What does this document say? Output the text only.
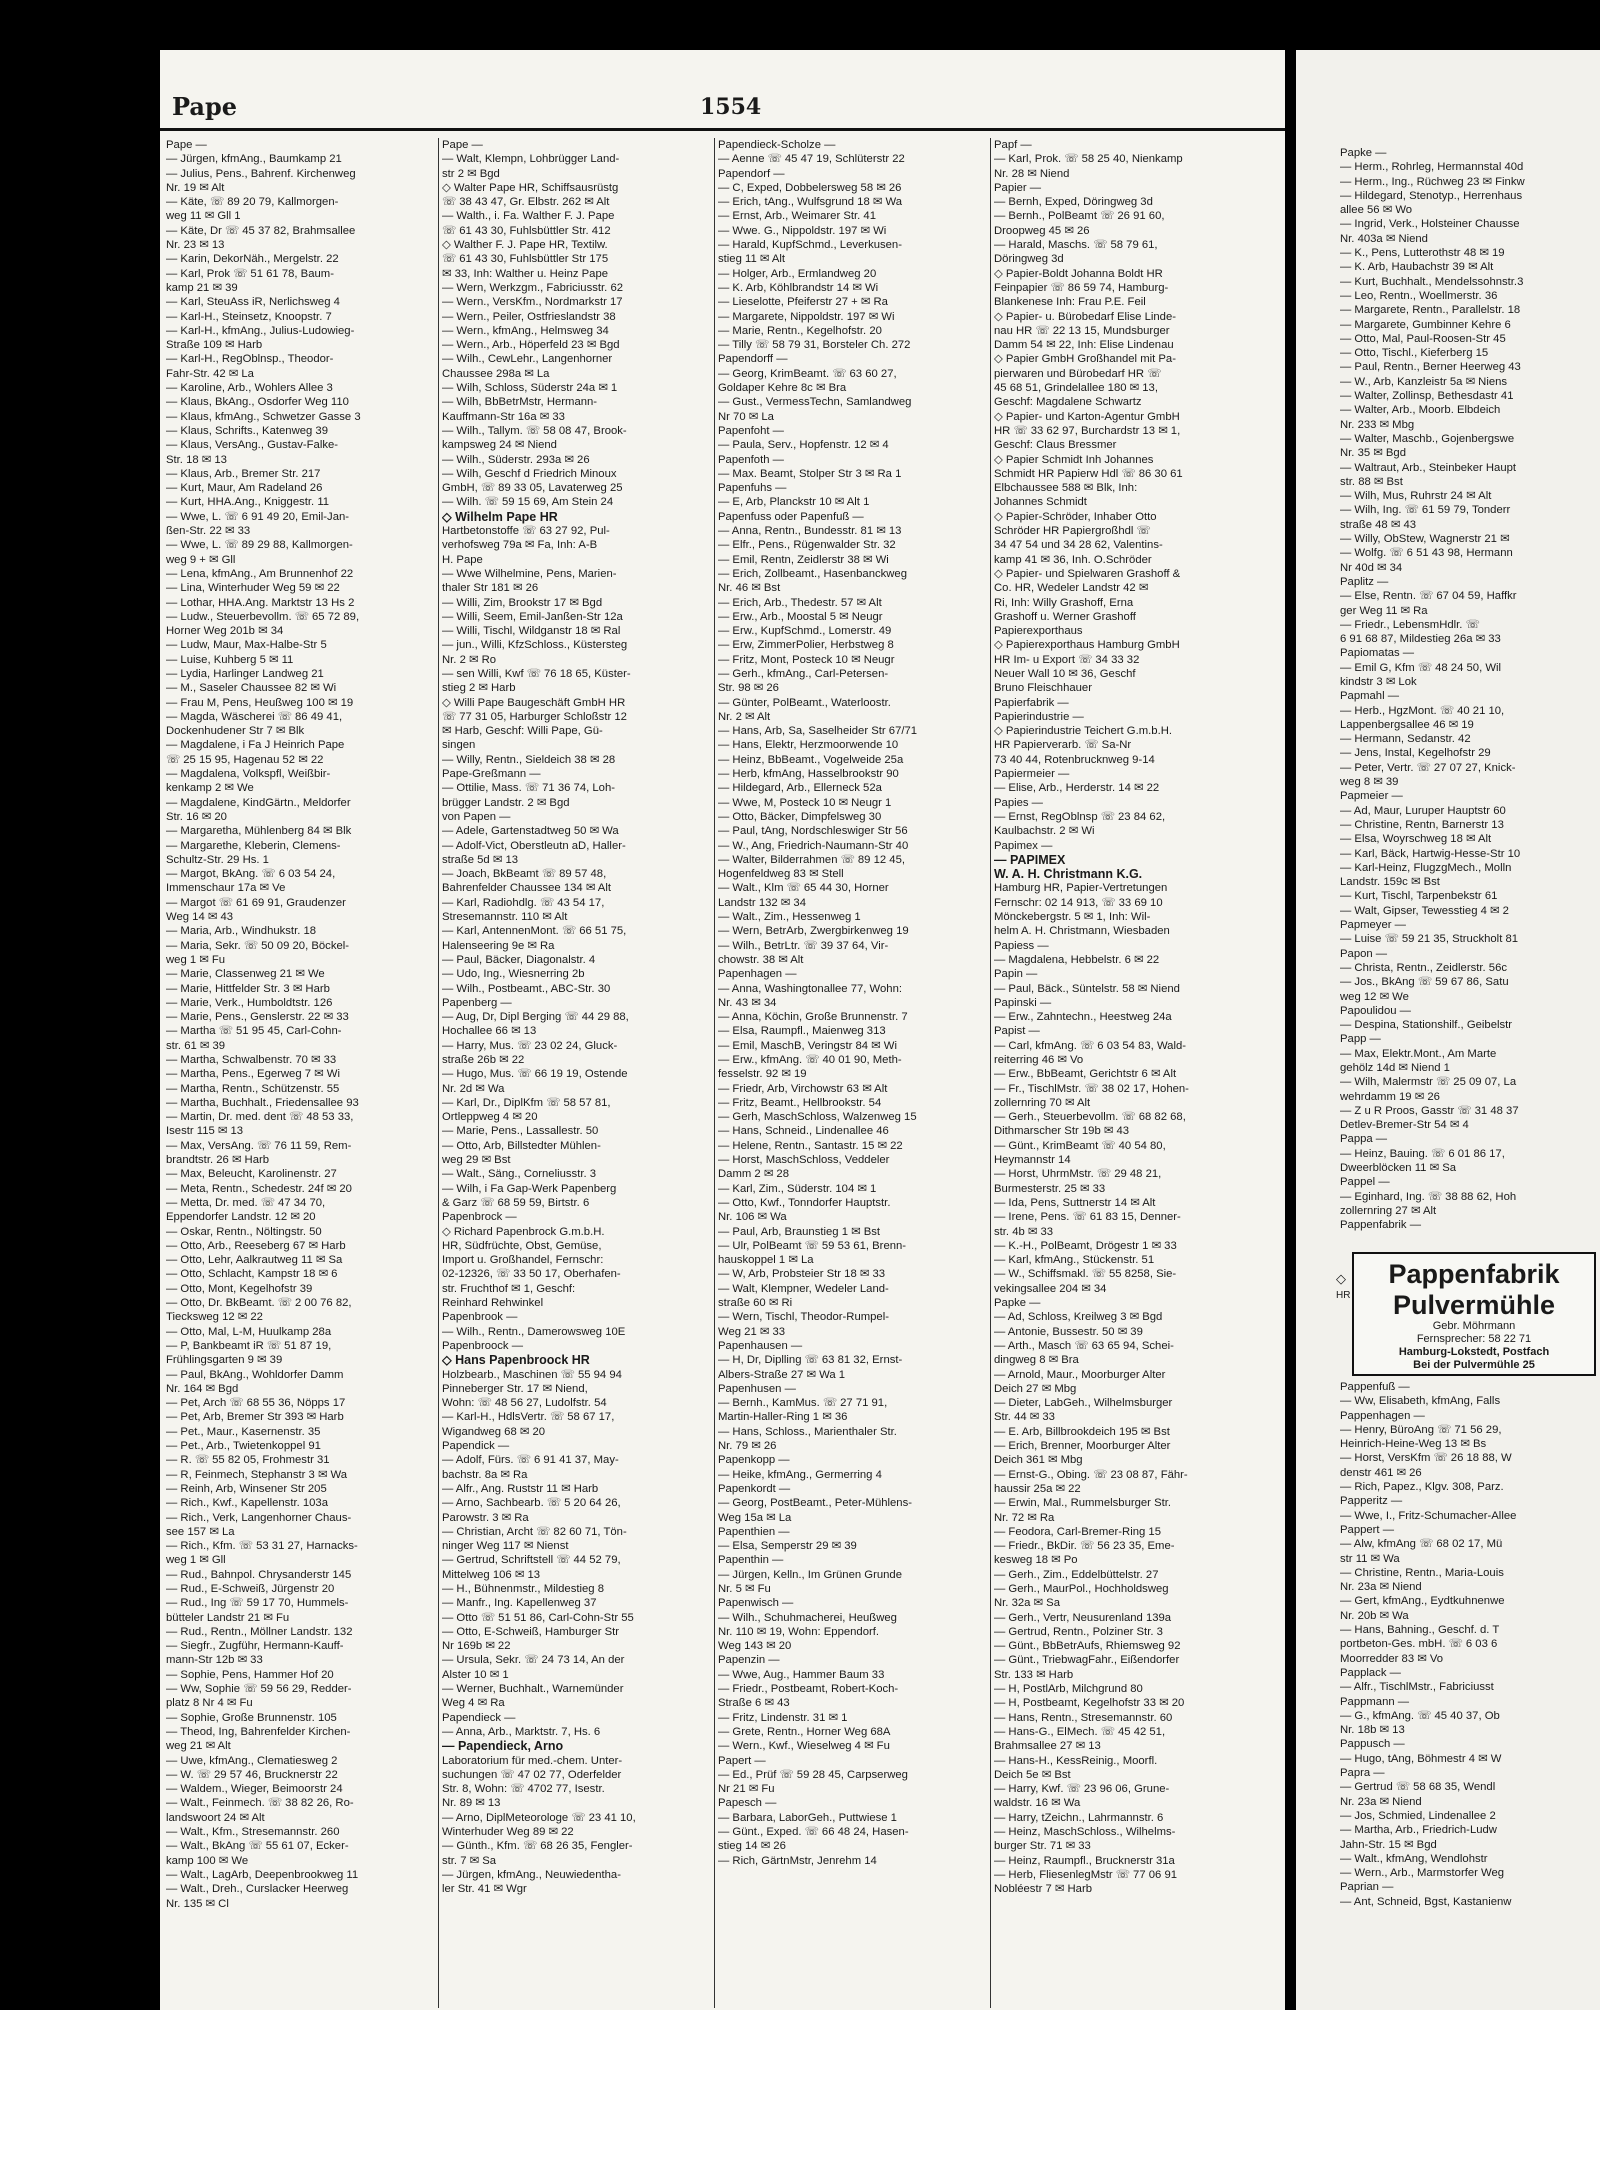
Pape	1554
Pape —
— Jürgen, kfmAng., Baumkamp 21
— Julius, Pens., Bahrenf. Kirchenweg
Nr. 19 ✉ Alt
— Käte, ☏ 89 20 79, Kallmorgen-
weg 11 ✉ Gll 1
— Käte, Dr ☏ 45 37 82, Brahmsallee
Nr. 23 ✉ 13
— Karin, DekorNäh., Mergelstr. 22
— Karl, Prok ☏ 51 61 78, Baum-
kamp 21 ✉ 39
— Karl, SteuAss iR, Nerlichsweg 4
— Karl-H., Steinsetz, Knoopstr. 7
— Karl-H., kfmAng., Julius-Ludowieg-
Straße 109 ✉ Harb
— Karl-H., RegOblnsp., Theodor-
Fahr-Str. 42 ✉ La
— Karoline, Arb., Wohlers Allee 3
— Klaus, BkAng., Osdorfer Weg 110
— Klaus, kfmAng., Schwetzer Gasse 3
— Klaus, Schrifts., Katenweg 39
— Klaus, VersAng., Gustav-Falke-
Str. 18 ✉ 13
— Klaus, Arb., Bremer Str. 217
— Kurt, Maur, Am Radeland 26
— Kurt, HHA.Ang., Kniggestr. 11
— Wwe, L. ☏ 6 91 49 20, Emil-Jan-
ßen-Str. 22 ✉ 33
— Wwe, L. ☏ 89 29 88, Kallmorgen-
weg 9 + ✉ Gll
— Lena, kfmAng., Am Brunnenhof 22
— Lina, Winterhuder Weg 59 ✉ 22
— Lothar, HHA.Ang. Marktstr 13 Hs 2
— Ludw., Steuerbevollm. ☏ 65 72 89,
Horner Weg 201b ✉ 34
— Ludw, Maur, Max-Halbe-Str 5
— Luise, Kuhberg 5 ✉ 11
— Lydia, Harlinger Landweg 21
— M., Saseler Chaussee 82 ✉ Wi
— Frau M, Pens, Heußweg 100 ✉ 19
— Magda, Wäscherei ☏ 86 49 41,
Dockenhudener Str 7 ✉ Blk
— Magdalene, i Fa J Heinrich Pape
☏ 25 15 95, Hagenau 52 ✉ 22
— Magdalena, Volkspfl, Weißbir-
kenkamp 2 ✉ We
— Magdalene, KindGärtn., Meldorfer
Str. 16 ✉ 20
— Margaretha, Mühlenberg 84 ✉ Blk
— Margarethe, Kleberin, Clemens-
Schultz-Str. 29 Hs. 1
— Margot, BkAng. ☏ 6 03 54 24,
Immenschaur 17a ✉ Ve
— Margot ☏ 61 69 91, Graudenzer
Weg 14 ✉ 43
— Maria, Arb., Windhukstr. 18
— Maria, Sekr. ☏ 50 09 20, Böckel-
weg 1 ✉ Fu
— Marie, Classenweg 21 ✉ We
— Marie, Hittfelder Str. 3 ✉ Harb
— Marie, Verk., Humboldtstr. 126
— Marie, Pens., Genslerstr. 22 ✉ 33
— Martha ☏ 51 95 45, Carl-Cohn-
str. 61 ✉ 39
— Martha, Schwalbenstr. 70 ✉ 33
— Martha, Pens., Egerweg 7 ✉ Wi
— Martha, Rentn., Schützenstr. 55
— Martha, Buchhalt., Friedensallee 93
— Martin, Dr. med. dent ☏ 48 53 33,
Isestr 115 ✉ 13
— Max, VersAng. ☏ 76 11 59, Rem-
brandtstr. 26 ✉ Harb
— Max, Beleucht, Karolinenstr. 27
— Meta, Rentn., Schedestr. 24f ✉ 20
— Metta, Dr. med. ☏ 47 34 70,
Eppendorfer Landstr. 12 ✉ 20
— Oskar, Rentn., Nöltingstr. 50
— Otto, Arb., Reeseberg 67 ✉ Harb
— Otto, Lehr, Aalkrautweg 11 ✉ Sa
— Otto, Schlacht, Kampstr 18 ✉ 6
— Otto, Mont, Kegelhofstr 39
— Otto, Dr. BkBeamt. ☏ 2 00 76 82,
Tiecksweg 12 ✉ 22
— Otto, Mal, L-M, Huulkamp 28a
— P, Bankbeamt iR ☏ 51 87 19,
Frühlingsgarten 9 ✉ 39
— Paul, BkAng., Wohldorfer Damm
Nr. 164 ✉ Bgd
— Pet, Arch ☏ 68 55 36, Nöpps 17
— Pet, Arb, Bremer Str 393 ✉ Harb
— Pet., Maur., Kasernenstr. 35
— Pet., Arb., Twietenkoppel 91
— R. ☏ 55 82 05, Frohmestr 31
— R, Feinmech, Stephanstr 3 ✉ Wa
— Reinh, Arb, Winsener Str 205
— Rich., Kwf., Kapellenstr. 103a
— Rich., Verk, Langenhorner Chaus-
see 157 ✉ La
— Rich., Kfm. ☏ 53 31 27, Harnacks-
weg 1 ✉ Gll
— Rud., Bahnpol. Chrysanderstr 145
— Rud., E-Schweiß, Jürgenstr 20
— Rud., Ing ☏ 59 17 70, Hummels-
bütteler Landstr 21 ✉ Fu
— Rud., Rentn., Möllner Landstr. 132
— Siegfr., Zugführ, Hermann-Kauff-
mann-Str 12b ✉ 33
— Sophie, Pens, Hammer Hof 20
— Ww, Sophie ☏ 59 56 29, Redder-
platz 8 Nr 4 ✉ Fu
— Sophie, Große Brunnenstr. 105
— Theod, Ing, Bahrenfelder Kirchen-
weg 21 ✉ Alt
— Uwe, kfmAng., Clematiesweg 2
— W. ☏ 29 57 46, Brucknerstr 22
— Waldem., Wieger, Beimoorstr 24
— Walt., Feinmech. ☏ 38 82 26, Ro-
landswoort 24 ✉ Alt
— Walt., Kfm., Stresemannstr. 260
— Walt., BkAng ☏ 55 61 07, Ecker-
kamp 100 ✉ We
— Walt., LagArb, Deepenbrookweg 11
— Walt., Dreh., Curslacker Heerweg
Nr. 135 ✉ Cl
Pape —
— Walt, Klempn, Lohbrügger Land-
str 2 ✉ Bgd
◇ Walter Pape HR, Schiffsausrüstg
☏ 38 43 47, Gr. Elbstr. 262 ✉ Alt
— Walth., i. Fa. Walther F. J. Pape
☏ 61 43 30, Fuhlsbüttler Str. 412
◇ Walther F. J. Pape HR, Textilw.
☏ 61 43 30, Fuhlsbüttler Str 175
✉ 33, Inh: Walther u. Heinz Pape
— Wern, Werkzgm., Fabriciusstr. 62
— Wern., VersKfm., Nordmarkstr 17
— Wern., Peiler, Ostfrieslandstr 38
— Wern., kfmAng., Helmsweg 34
— Wern., Arb., Höperfeld 23 ✉ Bgd
— Wilh., CewLehr., Langenhorner
Chaussee 298a ✉ La
— Wilh, Schloss, Süderstr 24a ✉ 1
— Wilh, BbBetrMstr, Hermann-
Kauffmann-Str 16a ✉ 33
— Wilh., Tallym. ☏ 58 08 47, Brook-
kampsweg 24 ✉ Niend
— Wilh., Süderstr. 293a ✉ 26
— Wilh, Geschf d Friedrich Minoux
GmbH, ☏ 89 33 05, Lavaterweg 25
— Wilh. ☏ 59 15 69, Am Stein 24
◇ Wilhelm Pape HR
Hartbetonstoffe ☏ 63 27 92, Pul-
verhofsweg 79a ✉ Fa, Inh: A-B
H. Pape
— Wwe Wilhelmine, Pens, Marien-
thaler Str 181 ✉ 26
— Willi, Zim, Brookstr 17 ✉ Bgd
— Willi, Seem, Emil-Janßen-Str 12a
— Willi, Tischl, Wildganstr 18 ✉ Ral
— jun., Willi, KfzSchloss., Küstersteg
Nr. 2 ✉ Ro
— sen Willi, Kwf ☏ 76 18 65, Küster-
stieg 2 ✉ Harb
◇ Willi Pape Baugeschäft GmbH HR
☏ 77 31 05, Harburger Schloßstr 12
✉ Harb, Geschf: Willi Pape, Gü-
singen
— Willy, Rentn., Sieldeich 38 ✉ 28
Pape-Greßmann —
— Ottilie, Mass. ☏ 71 36 74, Loh-
brügger Landstr. 2 ✉ Bgd
von Papen —
— Adele, Gartenstadtweg 50 ✉ Wa
— Adolf-Vict, Oberstleutn aD, Haller-
straße 5d ✉ 13
— Joach, BkBeamt ☏ 89 57 48,
Bahrenfelder Chaussee 134 ✉ Alt
— Karl, Radiohdlg. ☏ 43 54 17,
Stresemannstr. 110 ✉ Alt
— Karl, AntennenMont. ☏ 66 51 75,
Halenseering 9e ✉ Ra
— Paul, Bäcker, Diagonalstr. 4
— Udo, Ing., Wiesnerring 2b
— Wilh., Postbeamt., ABC-Str. 30
Papenberg —
— Aug, Dr, Dipl Berging ☏ 44 29 88,
Hochallee 66 ✉ 13
— Harry, Mus. ☏ 23 02 24, Gluck-
straße 26b ✉ 22
— Hugo, Mus. ☏ 66 19 19, Ostende
Nr. 2d ✉ Wa
— Karl, Dr., DiplKfm ☏ 58 57 81,
Ortleppweg 4 ✉ 20
— Marie, Pens., Lassallestr. 50
— Otto, Arb, Billstedter Mühlen-
weg 29 ✉ Bst
— Walt., Säng., Corneliusstr. 3
— Wilh, i Fa Gap-Werk Papenberg
& Garz ☏ 68 59 59, Birtstr. 6
Papenbrock —
◇ Richard Papenbrock G.m.b.H.
HR, Südfrüchte, Obst, Gemüse,
Import u. Großhandel, Fernschr:
02-12326, ☏ 33 50 17, Oberhafen-
str. Fruchthof ✉ 1, Geschf:
Reinhard Rehwinkel
Papenbrook —
— Wilh., Rentn., Damerowsweg 10E
Papenbroock —
◇ Hans Papenbroock HR
Holzbearb., Maschinen ☏ 55 94 94
Pinneberger Str. 17 ✉ Niend,
Wohn: ☏ 48 56 27, Ludolfstr. 54
— Karl-H., HdlsVertr. ☏ 58 67 17,
Wigandweg 68 ✉ 20
Papendick —
— Adolf, Fürs. ☏ 6 91 41 37, May-
bachstr. 8a ✉ Ra
— Alfr., Ang. Ruststr 11 ✉ Harb
— Arno, Sachbearb. ☏ 5 20 64 26,
Parowstr. 3 ✉ Ra
— Christian, Archt ☏ 82 60 71, Tön-
ninger Weg 117 ✉ Nienst
— Gertrud, Schriftstell ☏ 44 52 79,
Mittelweg 106 ✉ 13
— H., Bühnenmstr., Mildestieg 8
— Manfr., Ing. Kapellenweg 37
— Otto ☏ 51 51 86, Carl-Cohn-Str 55
— Otto, E-Schweiß, Hamburger Str
Nr 169b ✉ 22
— Ursula, Sekr. ☏ 24 73 14, An der
Alster 10 ✉ 1
— Werner, Buchhalt., Warnemünder
Weg 4 ✉ Ra
Papendieck —
— Anna, Arb., Marktstr. 7, Hs. 6
— Papendieck, Arno
Laboratorium für med.-chem. Unter-
suchungen ☏ 47 02 77, Oderfelder
Str. 8, Wohn: ☏ 4702 77, Isestr.
Nr. 89 ✉ 13
— Arno, DiplMeteorologe ☏ 23 41 10,
Winterhuder Weg 89 ✉ 22
— Günth., Kfm. ☏ 68 26 35, Fengler-
str. 7 ✉ Sa
— Jürgen, kfmAng., Neuwiedentha-
ler Str. 41 ✉ Wgr
Papendieck-Scholze —
— Aenne ☏ 45 47 19, Schlüterstr 22
Papendorf —
— C, Exped, Dobbelersweg 58 ✉ 26
— Erich, tAng., Wulfsgrund 18 ✉ Wa
— Ernst, Arb., Weimarer Str. 41
— Wwe. G., Nippoldstr. 197 ✉ Wi
— Harald, KupfSchmd., Leverkusen-
stieg 11 ✉ Alt
— Holger, Arb., Ermlandweg 20
— K. Arb, Köhlbrandstr 14 ✉ Wi
— Lieselotte, Pfeiferstr 27 + ✉ Ra
— Margarete, Nippoldstr. 197 ✉ Wi
— Marie, Rentn., Kegelhofstr. 20
— Tilly ☏ 58 79 31, Borsteler Ch. 272
Papendorff —
— Georg, KrimBeamt. ☏ 63 60 27,
Goldaper Kehre 8c ✉ Bra
— Gust., VermessTechn, Samlandweg
Nr 70 ✉ La
Papenfoht —
— Paula, Serv., Hopfenstr. 12 ✉ 4
Papenfoth —
— Max. Beamt, Stolper Str 3 ✉ Ra 1
Papenfuhs —
— E, Arb, Planckstr 10 ✉ Alt 1
Papenfuss oder Papenfuß —
— Anna, Rentn., Bundesstr. 81 ✉ 13
— Elfr., Pens., Rügenwalder Str. 32
— Emil, Rentn, Zeidlerstr 38 ✉ Wi
— Erich, Zollbeamt., Hasenbanckweg
Nr. 46 ✉ Bst
— Erich, Arb., Thedestr. 57 ✉ Alt
— Erw., Arb., Moostal 5 ✉ Neugr
— Erw., KupfSchmd., Lomerstr. 49
— Erw, ZimmerPolier, Herbstweg 8
— Fritz, Mont, Posteck 10 ✉ Neugr
— Gerh., kfmAng., Carl-Petersen-
Str. 98 ✉ 26
— Günter, PolBeamt., Waterloostr.
Nr. 2 ✉ Alt
— Hans, Arb, Sa, Saselheider Str 67/71
— Hans, Elektr, Herzmoorwende 10
— Heinz, BbBeamt., Vogelweide 25a
— Herb, kfmAng, Hasselbrookstr 90
— Hildegard, Arb., Ellerneck 52a
— Wwe, M, Posteck 10 ✉ Neugr 1
— Otto, Bäcker, Dimpfelsweg 30
— Paul, tAng, Nordschleswiger Str 56
— W., Ang, Friedrich-Naumann-Str 40
— Walter, Bilderrahmen ☏ 89 12 45,
Hogenfeldweg 83 ✉ Stell
— Walt., Klm ☏ 65 44 30, Horner
Landstr 132 ✉ 34
— Walt., Zim., Hessenweg 1
— Wern, BetrArb, Zwergbirkenweg 19
— Wilh., BetrLtr. ☏ 39 37 64, Vir-
chowstr. 38 ✉ Alt
Papenhagen —
— Anna, Washingtonallee 77, Wohn:
Nr. 43 ✉ 34
— Anna, Köchin, Große Brunnenstr. 7
— Elsa, Raumpfl., Maienweg 313
— Emil, MaschB, Veringstr 84 ✉ Wi
— Erw., kfmAng. ☏ 40 01 90, Meth-
fesselstr. 92 ✉ 19
— Friedr, Arb, Virchowstr 63 ✉ Alt
— Fritz, Beamt., Hellbrookstr. 54
— Gerh, MaschSchloss, Walzenweg 15
— Hans, Schneid., Lindenallee 46
— Helene, Rentn., Santastr. 15 ✉ 22
— Horst, MaschSchloss, Veddeler
Damm 2 ✉ 28
— Karl, Zim., Süderstr. 104 ✉ 1
— Otto, Kwf., Tonndorfer Hauptstr.
Nr. 106 ✉ Wa
— Paul, Arb, Braunstieg 1 ✉ Bst
— Ulr, PolBeamt ☏ 59 53 61, Brenn-
hauskoppel 1 ✉ La
— W, Arb, Probsteier Str 18 ✉ 33
— Walt, Klempner, Wedeler Land-
straße 60 ✉ Ri
— Wern, Tischl, Theodor-Rumpel-
Weg 21 ✉ 33
Papenhausen —
— H, Dr, Diplling ☏ 63 81 32, Ernst-
Albers-Straße 27 ✉ Wa 1
Papenhusen —
— Bernh., KamMus. ☏ 27 71 91,
Martin-Haller-Ring 1 ✉ 36
— Hans, Schloss., Marienthaler Str.
Nr. 79 ✉ 26
Papenkopp —
— Heike, kfmAng., Germerring 4
Papenkordt —
— Georg, PostBeamt., Peter-Mühlens-
Weg 15a ✉ La
Papenthien —
— Elsa, Semperstr 29 ✉ 39
Papenthin —
— Jürgen, Kelln., Im Grünen Grunde
Nr. 5 ✉ Fu
Papenwisch —
— Wilh., Schuhmacherei, Heußweg
Nr. 110 ✉ 19, Wohn: Eppendorf.
Weg 143 ✉ 20
Papenzin —
— Wwe, Aug., Hammer Baum 33
— Friedr., Postbeamt, Robert-Koch-
Straße 6 ✉ 43
— Fritz, Lindenstr. 31 ✉ 1
— Grete, Rentn., Horner Weg 68A
— Wern., Kwf., Wieselweg 4 ✉ Fu
Papert —
— Ed., Prüf ☏ 59 28 45, Carpserweg
Nr 21 ✉ Fu
Papesch —
— Barbara, LaborGeh., Puttwiese 1
— Günt., Exped. ☏ 66 48 24, Hasen-
stieg 14 ✉ 26
— Rich, GärtnMstr, Jenrehm 14
Papf —
— Karl, Prok. ☏ 58 25 40, Nienkamp
Nr. 28 ✉ Niend
Papier —
— Bernh, Exped, Döringweg 3d
— Bernh., PolBeamt ☏ 26 91 60,
Droopweg 45 ✉ 26
— Harald, Maschs. ☏ 58 79 61,
Döringweg 3d
◇ Papier-Boldt Johanna Boldt HR
Feinpapier ☏ 86 59 74, Hamburg-
Blankenese Inh: Frau P.E. Feil
◇ Papier- u. Bürobedarf Elise Linde-
nau HR ☏ 22 13 15, Mundsburger
Damm 54 ✉ 22, Inh: Elise Lindenau
◇ Papier GmbH Großhandel mit Pa-
pierwaren und Bürobedarf HR ☏
45 68 51, Grindelallee 180 ✉ 13,
Geschf: Magdalene Schwartz
◇ Papier- und Karton-Agentur GmbH
HR ☏ 33 62 97, Burchardstr 13 ✉ 1,
Geschf: Claus Bressmer
◇ Papier Schmidt Inh Johannes
Schmidt HR Papierw Hdl ☏ 86 30 61
Elbchaussee 588 ✉ Blk, Inh:
Johannes Schmidt
◇ Papier-Schröder, Inhaber Otto
Schröder HR Papiergroßhdl ☏
34 47 54 und 34 28 62, Valentins-
kamp 41 ✉ 36, Inh. O.Schröder
◇ Papier- und Spielwaren Grashoff &
Co. HR, Wedeler Landstr 42 ✉
Ri, Inh: Willy Grashoff, Erna
Grashoff u. Werner Grashoff
Papierexporthaus
◇ Papierexporthaus Hamburg GmbH
HR Im- u Export ☏ 34 33 32
Neuer Wall 10 ✉ 36, Geschf
Bruno Fleischhauer
Papierfabrik —
Papierindustrie —
◇ Papierindustrie Teichert G.m.b.H.
HR Papierverarb. ☏ Sa-Nr
73 40 44, Rotenbrucknweg 9-14
Papiermeier —
— Elise, Arb., Herderstr. 14 ✉ 22
Papies —
— Ernst, RegOblnsp ☏ 23 84 62,
Kaulbachstr. 2 ✉ Wi
Papimex —
— PAPIMEX
W. A. H. Christmann K.G.
Hamburg HR, Papier-Vertretungen
Fernschr: 02 14 913, ☏ 33 69 10
Mönckebergstr. 5 ✉ 1, Inh: Wil-
helm A. H. Christmann, Wiesbaden
Papiess —
— Magdalena, Hebbelstr. 6 ✉ 22
Papin —
— Paul, Bäck., Süntelstr. 58 ✉ Niend
Papinski —
— Erw., Zahntechn., Heestweg 24a
Papist —
— Carl, kfmAng. ☏ 6 03 54 83, Wald-
reiterring 46 ✉ Vo
— Erw., BbBeamt, Gerichtstr 6 ✉ Alt
— Fr., TischlMstr. ☏ 38 02 17, Hohen-
zollernring 70 ✉ Alt
— Gerh., Steuerbevollm. ☏ 68 82 68,
Dithmarscher Str 19b ✉ 43
— Günt., KrimBeamt ☏ 40 54 80,
Heymannstr 14
— Horst, UhrmMstr. ☏ 29 48 21,
Burmesterstr. 25 ✉ 33
— Ida, Pens, Suttnerstr 14 ✉ Alt
— Irene, Pens. ☏ 61 83 15, Denner-
str. 4b ✉ 33
— K.-H., PolBeamt, Drögestr 1 ✉ 33
— Karl, kfmAng., Stückenstr. 51
— W., Schiffsmakl. ☏ 55 8258, Sie-
vekingsallee 204 ✉ 34
Papke —
— Ad, Schloss, Kreilweg 3 ✉ Bgd
— Antonie, Bussestr. 50 ✉ 39
— Arth., Masch ☏ 63 65 94, Schei-
dingweg 8 ✉ Bra
— Arnold, Maur., Moorburger Alter
Deich 27 ✉ Mbg
— Dieter, LabGeh., Wilhelmsburger
Str. 44 ✉ 33
— E. Arb, Billbrookdeich 195 ✉ Bst
— Erich, Brenner, Moorburger Alter
Deich 361 ✉ Mbg
— Ernst-G., Obing. ☏ 23 08 87, Fähr-
haussir 25a ✉ 22
— Erwin, Mal., Rummelsburger Str.
Nr. 72 ✉ Ra
— Feodora, Carl-Bremer-Ring 15
— Friedr., BkDir. ☏ 56 23 35, Eme-
kesweg 18 ✉ Po
— Gerh., Zim., Eddelbüttelstr. 27
— Gerh., MaurPol., Hochholdsweg
Nr. 32a ✉ Sa
— Gerh., Vertr, Neusurenland 139a
— Gertrud, Rentn., Polziner Str. 3
— Günt., BbBetrAufs, Rhiemsweg 92
— Günt., TriebwagFahr., Eißendorfer
Str. 133 ✉ Harb
— H, PostlArb, Milchgrund 80
— H, Postbeamt, Kegelhofstr 33 ✉ 20
— Hans, Rentn., Stresemannstr. 60
— Hans-G., ElMech. ☏ 45 42 51,
Brahmsallee 27 ✉ 13
— Hans-H., KessReinig., Moorfl.
Deich 5e ✉ Bst
— Harry, Kwf. ☏ 23 96 06, Grune-
waldstr. 16 ✉ Wa
— Harry, tZeichn., Lahrmannstr. 6
— Heinz, MaschSchloss., Wilhelms-
burger Str. 71 ✉ 33
— Heinz, Raumpfl., Brucknerstr 31a
— Herb, FliesenlegMstr ☏ 77 06 91
Nobléestr 7 ✉ Harb
Papke —
— Herm., Rohrleg, Hermannstal 40d
— Herm., Ing., Rüchweg 23 ✉ Finkw
— Hildegard, Stenotyp., Herrenhaus
allee 56 ✉ Wo
— Ingrid, Verk., Holsteiner Chausse
Nr. 403a ✉ Niend
— K., Pens, Lutterothstr 48 ✉ 19
— K. Arb, Haubachstr 39 ✉ Alt
— Kurt, Buchhalt., Mendelssohnstr.3
— Leo, Rentn., Woellmerstr. 36
— Margarete, Rentn., Parallelstr. 18
— Margarete, Gumbinner Kehre 6
— Otto, Mal, Paul-Roosen-Str 45
— Otto, Tischl., Kieferberg 15
— Paul, Rentn., Berner Heerweg 43
— W., Arb, Kanzleistr 5a ✉ Niens
— Walter, Zollinsp, Bethesdastr 41
— Walter, Arb., Moorb. Elbdeich
Nr. 233 ✉ Mbg
— Walter, Maschb., Gojenbergswe
Nr. 35 ✉ Bgd
— Waltraut, Arb., Steinbeker Haupt
str. 88 ✉ Bst
— Wilh, Mus, Ruhrstr 24 ✉ Alt
— Wilh, Ing. ☏ 61 59 79, Tonderr
straße 48 ✉ 43
— Willy, ObStew, Wagnerstr 21 ✉
— Wolfg. ☏ 6 51 43 98, Hermann
Nr 40d ✉ 34
Paplitz —
— Else, Rentn. ☏ 67 04 59, Haffkr
ger Weg 11 ✉ Ra
— Friedr., LebensmHdlr. ☏
6 91 68 87, Mildestieg 26a ✉ 33
Papiomatas —
— Emil G, Kfm ☏ 48 24 50, Wil
kindstr 3 ✉ Lok
Papmahl —
— Herb., HgzMont. ☏ 40 21 10,
Lappenbergsallee 46 ✉ 19
— Hermann, Sedanstr. 42
— Jens, Instal, Kegelhofstr 29
— Peter, Vertr. ☏ 27 07 27, Knick-
weg 8 ✉ 39
Papmeier —
— Ad, Maur, Luruper Hauptstr 60
— Christine, Rentn, Barnerstr 13
— Elsa, Woyrschweg 18 ✉ Alt
— Karl, Bäck, Hartwig-Hesse-Str 10
— Karl-Heinz, FlugzgMech., Molln
Landstr. 159c ✉ Bst
— Kurt, Tischl, Tarpenbekstr 61
— Walt, Gipser, Tewesstieg 4 ✉ 2
Papmeyer —
— Luise ☏ 59 21 35, Struckholt 81
Papon —
— Christa, Rentn., Zeidlerstr. 56c
— Jos., BkAng ☏ 59 67 86, Satu
weg 12 ✉ We
Papoulidou —
— Despina, Stationshilf., Geibelstr
Papp —
— Max, Elektr.Mont., Am Marte
gehölz 14d ✉ Niend 1
— Wilh, Malermstr ☏ 25 09 07, La
wehrdamm 19 ✉ 26
— Z u R Proos, Gasstr ☏ 31 48 37
Detlev-Bremer-Str 54 ✉ 4
Pappa —
— Heinz, Bauing. ☏ 6 01 86 17,
Dweerblöcken 11 ✉ Sa
Pappel —
— Eginhard, Ing. ☏ 38 88 62, Hoh
zollernring 27 ✉ Alt
Pappenfabrik —
◇
HR
Pappenfabrik
Pulvermühle
Gebr. Möhrmann
Fernsprecher: 58 22 71
Hamburg-Lokstedt, Postfach
Bei der Pulvermühle 25
Pappenfuß —
— Ww, Elisabeth, kfmAng, Falls
Pappenhagen —
— Henry, BüroAng ☏ 71 56 29,
Heinrich-Heine-Weg 13 ✉ Bs
— Horst, VersKfm ☏ 26 18 88, W
denstr 461 ✉ 26
— Rich, Papez., Klgv. 308, Parz.
Papperitz —
— Wwe, I., Fritz-Schumacher-Allee
Pappert —
— Alw, kfmAng ☏ 68 02 17, Mü
str 11 ✉ Wa
— Christine, Rentn., Maria-Louis
Nr. 23a ✉ Niend
— Gert, kfmAng., Eydtkuhnenwe
Nr. 20b ✉ Wa
— Hans, Bahning., Geschf. d. T
portbeton-Ges. mbH. ☏ 6 03 6
Moorredder 83 ✉ Vo
Papplack —
— Alfr., TischlMstr., Fabriciusst
Pappmann —
— G., kfmAng. ☏ 45 40 37, Ob
Nr. 18b ✉ 13
Pappusch —
— Hugo, tAng, Böhmestr 4 ✉ W
Papra —
— Gertrud ☏ 58 68 35, Wendl
Nr. 23a ✉ Niend
— Jos, Schmied, Lindenallee 2
— Martha, Arb., Friedrich-Ludw
Jahn-Str. 15 ✉ Bgd
— Walt., kfmAng, Wendlohstr
— Wern., Arb., Marmstorfer Weg
Paprian —
— Ant, Schneid, Bgst, Kastanienw
